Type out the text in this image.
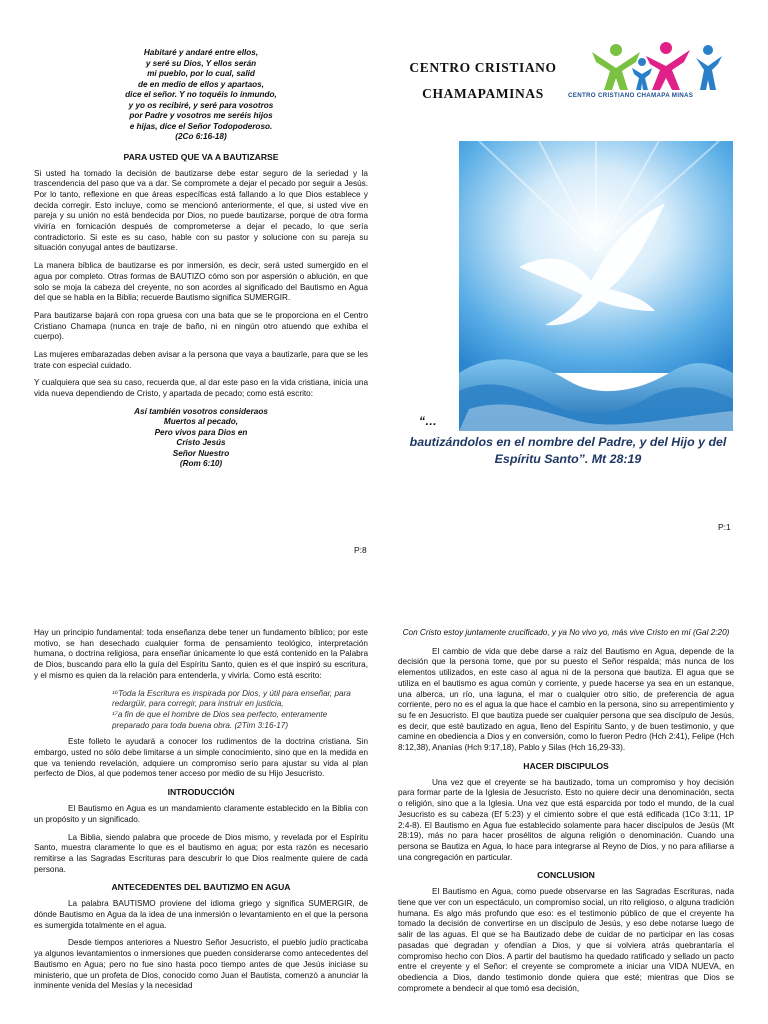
Habitaré y andaré entre ellos,
y seré su Dios, Y ellos serán
mi pueblo, por lo cual, salid
de en medio de ellos y apartaos,
dice el señor. Y no toquéis lo inmundo,
y yo os recibiré, y seré para vosotros
por Padre y vosotros me seréis hijos
e hijas, dice el Señor Todopoderoso.
(2Co 6:16-18)
PARA USTED QUE VA A BAUTIZARSE

Si usted ha tomado la decisión de bautizarse debe estar seguro de la seriedad y la trascendencia del paso que va a dar. Se compromete a dejar el pecado por seguir a Jesús. Por lo tanto, reflexione en que áreas específicas está fallando a lo que Dios establece y decida corregir. Esto incluye, como se mencionó anteriormente, el que, si usted vive en pareja y su unión no está bendecida por Dios, no puede bautizarse, porque de otra forma viviría en fornicación después de comprometerse a dejar el pecado, lo que sería contradictorio. Si este es su caso, hable con su pastor y solucione con su pareja su situación conyugal antes de bautizarse.

La manera bíblica de bautizarse es por inmersión, es decir, será usted sumergido en el agua por completo. Otras formas de BAUTIZO cómo son por aspersión o ablución, en que solo se moja la cabeza del creyente, no son acordes al significado del Bautismo en Agua del que se habla en la Biblia; recuerde Bautismo significa SUMERGIR.

Para bautizarse bajará con ropa gruesa con una bata que se le proporciona en el Centro Cristiano Chamapa (nunca en traje de baño, ni en ningún otro atuendo que exhiba el cuerpo).

Las mujeres embarazadas deben avisar a la persona que vaya a bautizarle, para que se les trate con especial cuidado.

Y cualquiera que sea su caso, recuerda que, al dar este paso en la vida cristiana, inicia una vida nueva dependiendo de Cristo, y apartada de pecado; como está escrito:

Así también vosotros consideraos
Muertos al pecado,
Pero vivos para Dios en
Cristo Jesús
Señor Nuestro
(Rom 6:10)
P:8
CENTRO CRISTIANO
CHAMAPAMINAS	CENTRO CRISTIANO CHAMAPA MINAS
“…
bautizándolos en el nombre del Padre, y del Hijo y del
Espíritu Santo”. Mt 28:19
P:1

Hay un principio fundamental: toda enseñanza debe tener un fundamento bíblico; por este motivo, se han desechado cualquier forma de pensamiento teológico, interpretación humana, o doctrina religiosa, para enseñar únicamente lo que está contenido en la Palabra de Dios, buscando para ello la guía del Espíritu Santo, quien es el que inspiró su escritura, y el mismo es quien da la relación para entenderla, y vivirla. Como está escrito:

¹⁶Toda la Escritura es inspirada por Dios, y útil para enseñar, para redargüir, para corregir, para instruir en justicia,
¹⁷a fin de que el hombre de Dios sea perfecto, enteramente preparado para toda buena obra. (2Tim 3:16-17)

Este folleto le ayudará a conocer los rudimentos de la doctrina cristiana. Sin embargo, usted no sólo debe limitarse a un simple conocimiento, sino que en la medida en que va teniendo revelación, adquiere un compromiso serio para ajustar su vida al plan perfecto de Dios, al que podemos tener acceso por medio de su Hijo Jesucristo.

INTRODUCCIÓN

El Bautismo en Agua es un mandamiento claramente establecido en la Biblia con un propósito y un significado.

La Biblia, siendo palabra que procede de Dios mismo, y revelada por el Espíritu Santo, muestra claramente lo que es el bautismo en agua; por esta razón es necesario remitirse a las Sagradas Escrituras para descubrir lo que Dios realmente quiere de cada persona.

ANTECEDENTES DEL BAUTIZMO EN AGUA

La palabra BAUTISMO proviene del idioma griego y significa SUMERGIR, de dónde Bautismo en Agua da la idea de una inmersión o levantamiento en el que la persona es sumergida totalmente en el agua.

Desde tiempos anteriores a Nuestro Señor Jesucristo, el pueblo judío practicaba ya algunos levantamientos o inmersiones que pueden considerarse como antecedentes del Bautismo en Agua; pero no fue sino hasta poco tiempo antes de que Jesús iniciase su ministerio, que un profeta de Dios, conocido como Juan el Bautista, comenzó a anunciar la inminente venida del Mesías y la necesidad

Con Cristo estoy juntamente crucificado, y ya No vivo yo, más vive Cristo en mí (Gal 2:20)

El cambio de vida que debe darse a raíz del Bautismo en Agua, depende de la decisión que la persona tome, que por su puesto el Señor respalda; más nunca de los elementos utilizados, en este caso al agua ni de la persona que bautiza. El agua que se utiliza en el bautismo es agua común y corriente, y puede hacerse ya sea en un estanque, una alberca, un río, una laguna, el mar o cualquier otro sitio, de preferencia de agua corriente, pero no es el agua la que hace el cambio en la persona, sino su arrepentimiento y su fe en Jesucristo. El que bautiza puede ser cualquier persona que sea discípulo de Jesús, es decir, que esté bautizado en agua, lleno del Espíritu Santo, y de buen testimonio, y que camine en obediencia a Dios y en conversión, como lo fueron Pedro (Hch 2:41), Felipe (Hch 8:12,38), Ananías (Hch 9:17,18), Pablo y Silas (Hch 16,29-33).

HACER DISCIPULOS

Una vez que el creyente se ha bautizado, toma un compromiso y hoy decisión para formar parte de la Iglesia de Jesucristo. Esto no quiere decir una denominación, secta o religión, sino que a la Iglesia. Una vez que está esparcida por todo el mundo, de la cual Jesucristo es su cabeza (Ef 5:23) y el cimiento sobre el que está edificada (1Co 3:11, 1P 2:4-8). El Bautismo en Agua fue establecido solamente para hacer discípulos de Jesús (Mt 28:19), más no para hacer prosélitos de alguna religión o denominación. Cuando una persona se Bautiza en Agua, lo hace para integrarse al Reyno de Dios, y no para afiliarse a una congregación en particular.

CONCLUSION

El Bautismo en Agua, como puede observarse en las Sagradas Escrituras, nada tiene que ver con un espectáculo, un compromiso social, un rito religioso, o alguna tradición humana. Es algo más profundo que eso: es el testimonio público de que el creyente ha tomado la decisión de convertirse en un discípulo de Jesús, y eso debe notarse luego de salir de las aguas. El que se ha Bautizado debe de cuidar de no participar en las cosas pasadas que degradan y ofendían a Dios, y que si volviera atrás quebrantaría el compromiso hecho con Dios. A partir del bautismo ha quedado ratificado y sellado un pacto entre el creyente y el Señor: el creyente se compromete a iniciar una VIDA NUEVA, en obediencia a Dios, dando testimonio donde quiera que esté; mientras que Dios se compromete a bendecir al que tomó esa decisión,
